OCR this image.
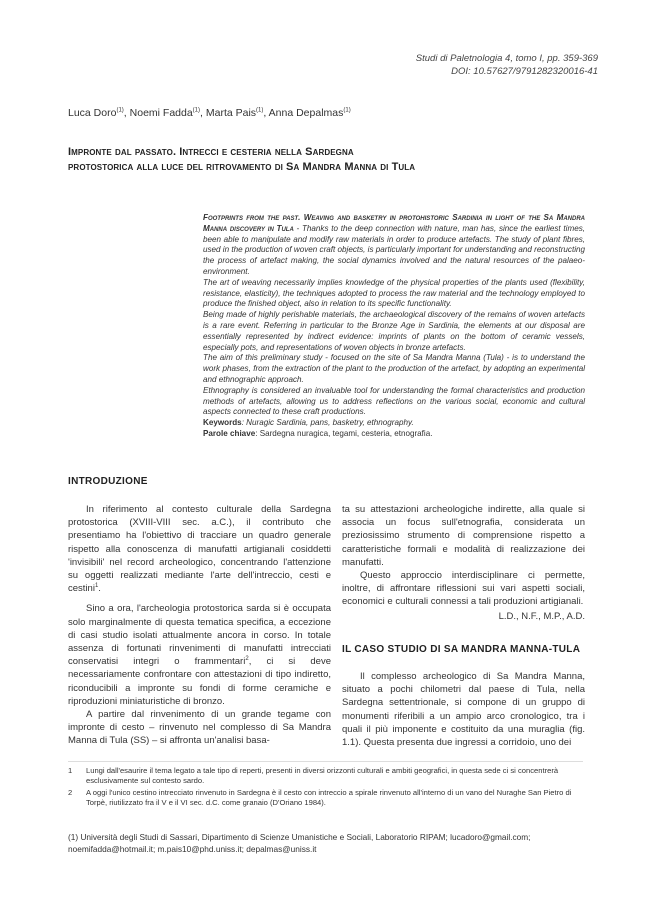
Studi di Paletnologia 4, tomo I, pp. 359-369
DOI: 10.57627/9791282320016-41
Luca Doro$^{(1)}$, Noemi Fadda$^{(1)}$, Marta Pais$^{(1)}$, Anna Depalmas$^{(1)}$
Impronte dal passato. Intrecci e cesteria nella Sardegna
protostorica alla luce del ritrovamento di Sa Mandra Manna di Tula

Footprints from the past. Weaving and basketry in protohistoric Sardinia in light of the Sa Mandra Manna discovery in Tula - Thanks to the deep connection with nature, man has, since the earliest times, been able to manipulate and modify raw materials in order to produce artefacts. The study of plant fibres, used in the production of woven craft objects, is particularly important for understanding and reconstructing the process of artefact making, the social dynamics involved and the natural resources of the palaeo-environment.

The art of weaving necessarily implies knowledge of the physical properties of the plants used (flexibility, resistance, elasticity), the techniques adopted to process the raw material and the technology employed to produce the finished object, also in relation to its specific functionality.

Being made of highly perishable materials, the archaeological discovery of the remains of woven artefacts is a rare event. Referring in particular to the Bronze Age in Sardinia, the elements at our disposal are essentially represented by indirect evidence: imprints of plants on the bottom of ceramic vessels, especially pots, and representations of woven objects in bronze artefacts.

The aim of this preliminary study - focused on the site of Sa Mandra Manna (Tula) - is to understand the work phases, from the extraction of the plant to the production of the artefact, by adopting an experimental and ethnographic approach.

Ethnography is considered an invaluable tool for understanding the formal characteristics and production methods of artefacts, allowing us to address reflections on the various social, economic and cultural aspects connected to these craft productions.

Keywords: Nuragic Sardinia, pans, basketry, ethnography.

Parole chiave: Sardegna nuragica, tegami, cesteria, etnografia.

INTRODUZIONE

In riferimento al contesto culturale della Sardegna protostorica (XVIII-VIII sec. a.C.), il contributo che presentiamo ha l'obiettivo di tracciare un quadro generale rispetto alla conoscenza di manufatti artigianali cosiddetti 'invisibili' nel record archeologico, concentrando l'attenzione su oggetti realizzati mediante l'arte dell'intreccio, cesti e cestini$^1$.

Sino a ora, l'archeologia protostorica sarda si è occupata solo marginalmente di questa tematica specifica, a eccezione di casi studio isolati attualmente ancora in corso. In totale assenza di fortunati rinvenimenti di manufatti intrecciati conservatisi integri o frammentari$^2$, ci si deve necessariamente confrontare con attestazioni di tipo indiretto, riconducibili a impronte su fondi di forme ceramiche e riproduzioni miniaturistiche di bronzo.

A partire dal rinvenimento di un grande tegame con impronte di cesto – rinvenuto nel complesso di Sa Mandra Manna di Tula (SS) – si affronta un'analisi basa-

ta su attestazioni archeologiche indirette, alla quale si associa un focus sull'etnografia, considerata un preziosissimo strumento di comprensione rispetto a caratteristiche formali e modalità di realizzazione dei manufatti.

Questo approccio interdisciplinare ci permette, inoltre, di affrontare riflessioni sui vari aspetti sociali, economici e culturali connessi a tali produzioni artigianali.

L.D., N.F., M.P., A.D.

IL CASO STUDIO DI SA MANDRA MANNA-TULA

Il complesso archeologico di Sa Mandra Manna, situato a pochi chilometri dal paese di Tula, nella Sardegna settentrionale, si compone di un gruppo di monumenti riferibili a un ampio arco cronologico, tra i quali il più imponente e costituito da una muraglia (fig. 1.1). Questa presenta due ingressi a corridoio, uno dei

1 Lungi dall'esaurire il tema legato a tale tipo di reperti, presenti in diversi orizzonti culturali e ambiti geografici, in questa sede ci si concentrerà esclusivamente sul contesto sardo.
2 A oggi l'unico cestino intrecciato rinvenuto in Sardegna è il cesto con intreccio a spirale rinvenuto all'interno di un vano del Nuraghe San Pietro di Torpè, riutilizzato fra il V e il VI sec. d.C. come granaio (D'Oriano 1984).
(1) Università degli Studi di Sassari, Dipartimento di Scienze Umanistiche e Sociali, Laboratorio RIPAM; lucadoro@gmail.com; noemifadda@hotmail.it; m.pais10@phd.uniss.it; depalmas@uniss.it
